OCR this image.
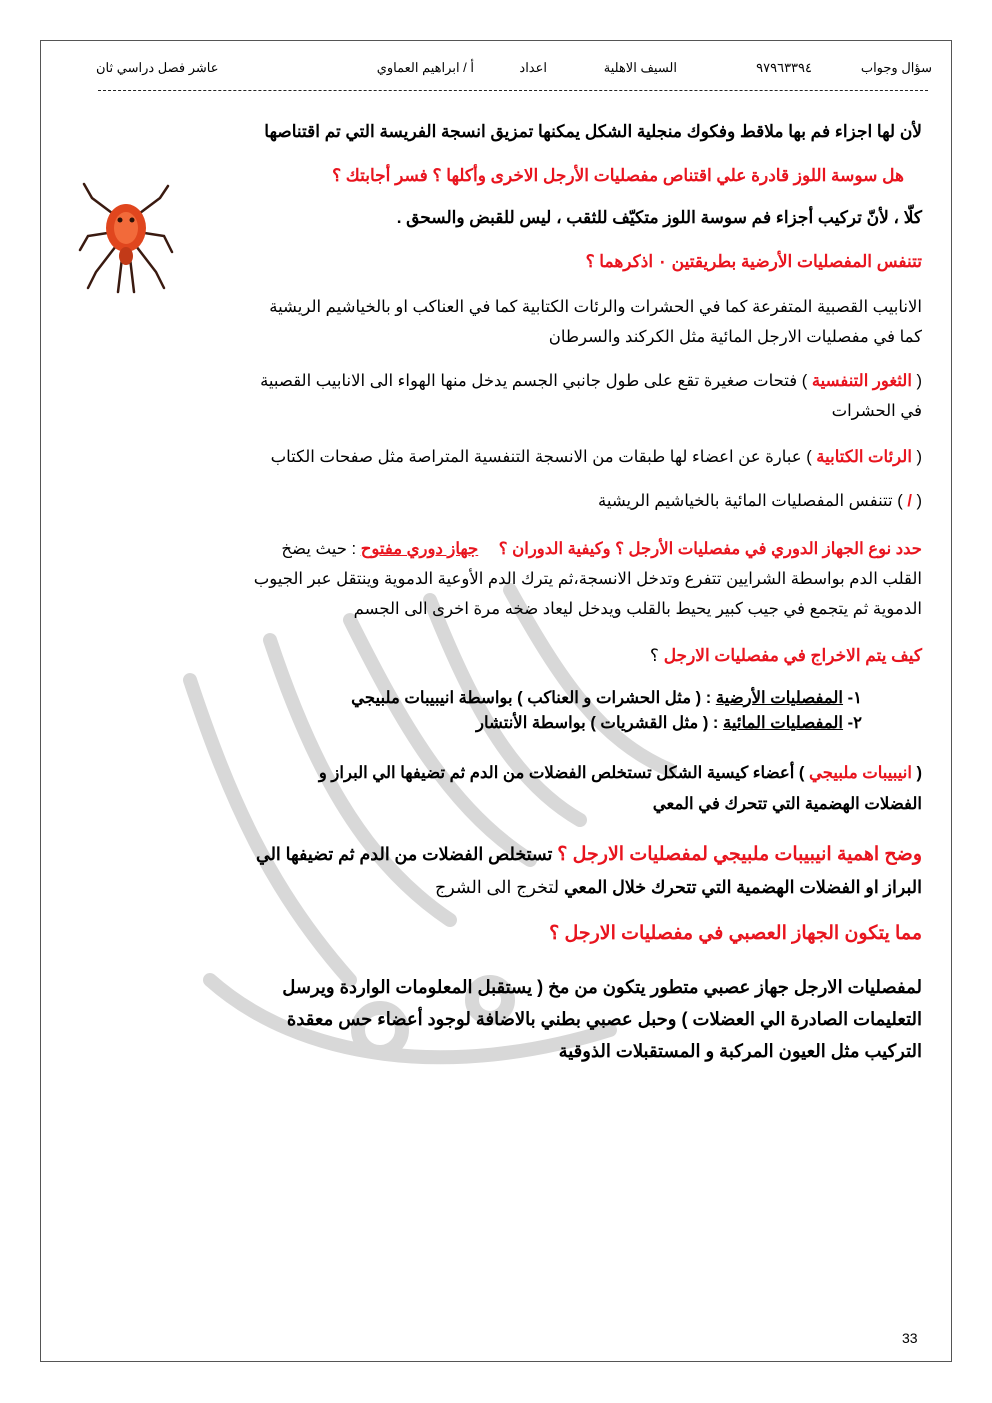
سؤال وجواب
٩٧٩٦٣٣٩٤
السيف الاهلية
اعداد
أ / ابراهيم العماوي
عاشر فصل دراسي ثان

لأن لها اجزاء فم بها ملاقط وفكوك منجلية الشكل يمكنها تمزيق انسجة الفريسة التي تم اقتناصها

هل سوسة اللوز قادرة علي اقتناص مفصليات الأرجل الاخرى وأكلها ؟ فسر أجابتك ؟

كلّا ، لأنّ تركيب أجزاء فم سوسة اللوز متكيّف للثقب ، ليس للقبض والسحق .

تتنفس المفصليات الأرضية بطريقتين ٠ اذكرهما ؟

الانابيب القصبية المتفرعة كما في الحشرات والرئات الكتابية كما في العناكب او بالخياشيم الريشية
كما في مفصليات الارجل المائية مثل الكركند والسرطان
( الثغور التنفسية ) فتحات صغيرة تقع على طول جانبي الجسم يدخل منها الهواء الى الانابيب القصبية
في الحشرات
( الرئات الكتابية ) عبارة عن اعضاء لها طبقات من الانسجة التنفسية المتراصة مثل صفحات الكتاب
( / ) تتنفس المفصليات المائية بالخياشيم الريشية
حدد نوع الجهاز الدوري في مفصليات الأرجل ؟ وكيفية الدوران ؟ جهاز دوري مفتوح : حيث يضخ
القلب الدم بواسطة الشرايين تتفرع وتدخل الانسجة،ثم يترك الدم الأوعية الدموية وينتقل عبر الجيوب
الدموية ثم يتجمع في جيب كبير يحيط بالقلب ويدخل ليعاد ضخه مرة اخرى الى الجسم
كيف يتم الاخراج في مفصليات الارجل ؟
١- المفصليات الأرضية : ( مثل الحشرات و العناكب ) بواسطة انيبيبات ملبيجي
٢- المفصليات المائية : ( مثل القشريات ) بواسطة الأنتشار
( انيبيبات ملبيجي ) أعضاء كيسية الشكل تستخلص الفضلات من الدم ثم تضيفها الي البراز و
الفضلات الهضمية التي تتحرك في المعي
وضح اهمية انيبيبات ملبيجي لمفصليات الارجل ؟ تستخلص الفضلات من الدم ثم تضيفها الي
البراز او الفضلات الهضمية التي تتحرك خلال المعي لتخرج الى الشرج

مما يتكون الجهاز العصبي في مفصليات الارجل ؟

لمفصليات الارجل جهاز عصبي متطور يتكون من مخ ( يستقبل المعلومات الواردة ويرسل
التعليمات الصادرة الي العضلات ) وحبل عصبي بطني بالاضافة لوجود أعضاء حس معقدة
التركيب مثل العيون المركبة و المستقبلات الذوقية
33
